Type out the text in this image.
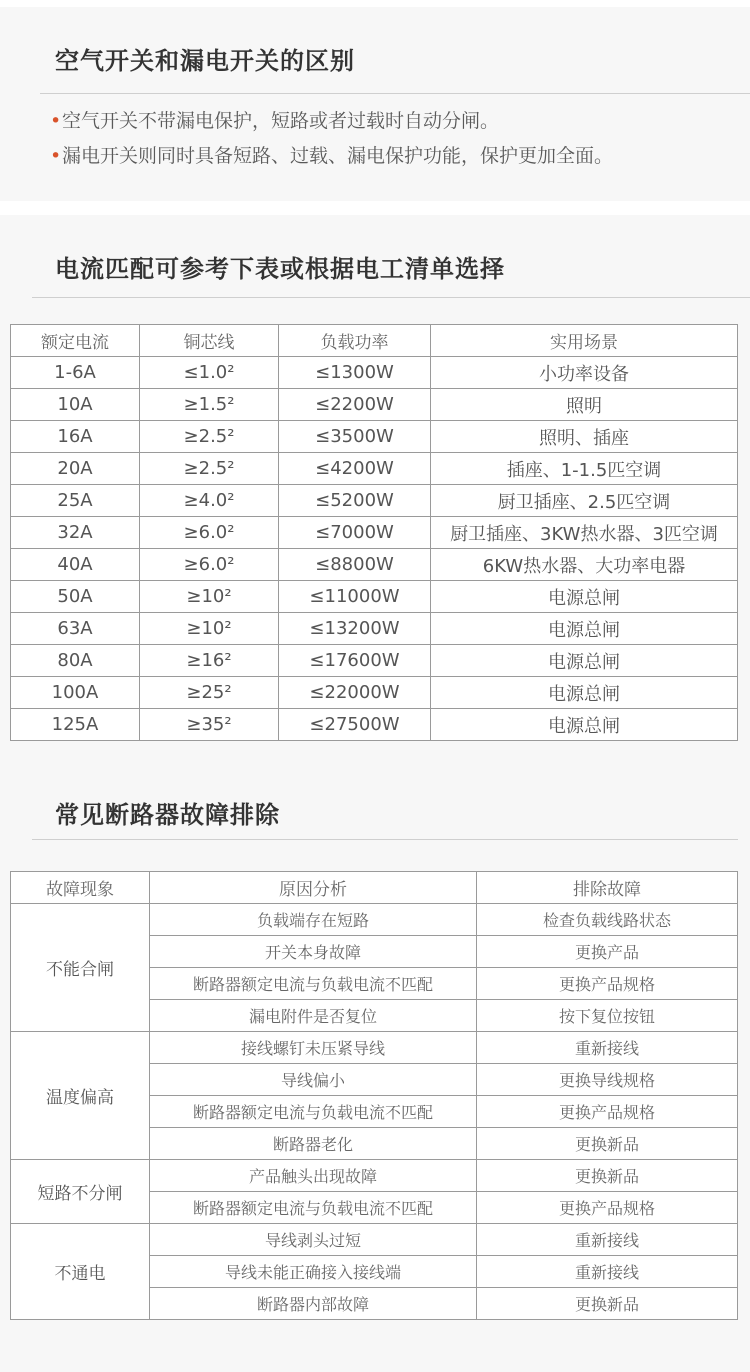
空气开关和漏电开关的区别
•空气开关不带漏电保护，短路或者过载时自动分闸。
•漏电开关则同时具备短路、过载、漏电保护功能，保护更加全面。
电流匹配可参考下表或根据电工清单选择
额定电流	铜芯线	负载功率	实用场景
1-6A	≤1.0²	≤1300W	小功率设备
10A	≥1.5²	≤2200W	照明
16A	≥2.5²	≤3500W	照明、插座
20A	≥2.5²	≤4200W	插座、1-1.5匹空调
25A	≥4.0²	≤5200W	厨卫插座、2.5匹空调
32A	≥6.0²	≤7000W	厨卫插座、3KW热水器、3匹空调
40A	≥6.0²	≤8800W	6KW热水器、大功率电器
50A	≥10²	≤11000W	电源总闸
63A	≥10²	≤13200W	电源总闸
80A	≥16²	≤17600W	电源总闸
100A	≥25²	≤22000W	电源总闸
125A	≥35²	≤27500W	电源总闸
常见断路器故障排除
故障现象	原因分析	排除故障
不能合闸	负载端存在短路	检查负载线路状态
	开关本身故障	更换产品
	断路器额定电流与负载电流不匹配	更换产品规格
	漏电附件是否复位	按下复位按钮
温度偏高	接线螺钉未压紧导线	重新接线
	导线偏小	更换导线规格
	断路器额定电流与负载电流不匹配	更换产品规格
	断路器老化	更换新品
短路不分闸	产品触头出现故障	更换新品
	断路器额定电流与负载电流不匹配	更换产品规格
不通电	导线剥头过短	重新接线
	导线未能正确接入接线端	重新接线
	断路器内部故障	更换新品
